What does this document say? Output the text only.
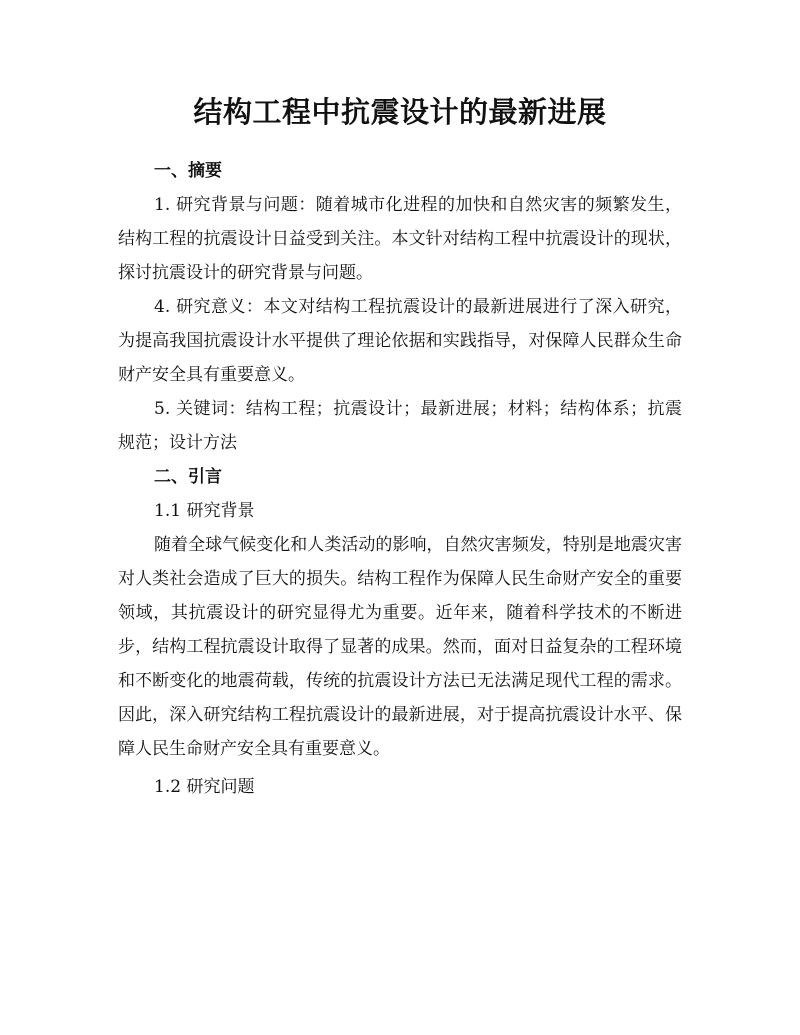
结构工程中抗震设计的最新进展
一、摘要

1. 研究背景与问题：随着城市化进程的加快和自然灾害的频繁发生，结构工程的抗震设计日益受到关注。本文针对结构工程中抗震设计的现状，探讨抗震设计的研究背景与问题。

4. 研究意义：本文对结构工程抗震设计的最新进展进行了深入研究，为提高我国抗震设计水平提供了理论依据和实践指导，对保障人民群众生命财产安全具有重要意义。

5. 关键词：结构工程；抗震设计；最新进展；材料；结构体系；抗震规范；设计方法

二、引言
1.1 研究背景

随着全球气候变化和人类活动的影响，自然灾害频发，特别是地震灾害对人类社会造成了巨大的损失。结构工程作为保障人民生命财产安全的重要领域，其抗震设计的研究显得尤为重要。近年来，随着科学技术的不断进步，结构工程抗震设计取得了显著的成果。然而，面对日益复杂的工程环境和不断变化的地震荷载，传统的抗震设计方法已无法满足现代工程的需求。因此，深入研究结构工程抗震设计的最新进展，对于提高抗震设计水平、保障人民生命财产安全具有重要意义。

1.2 研究问题
